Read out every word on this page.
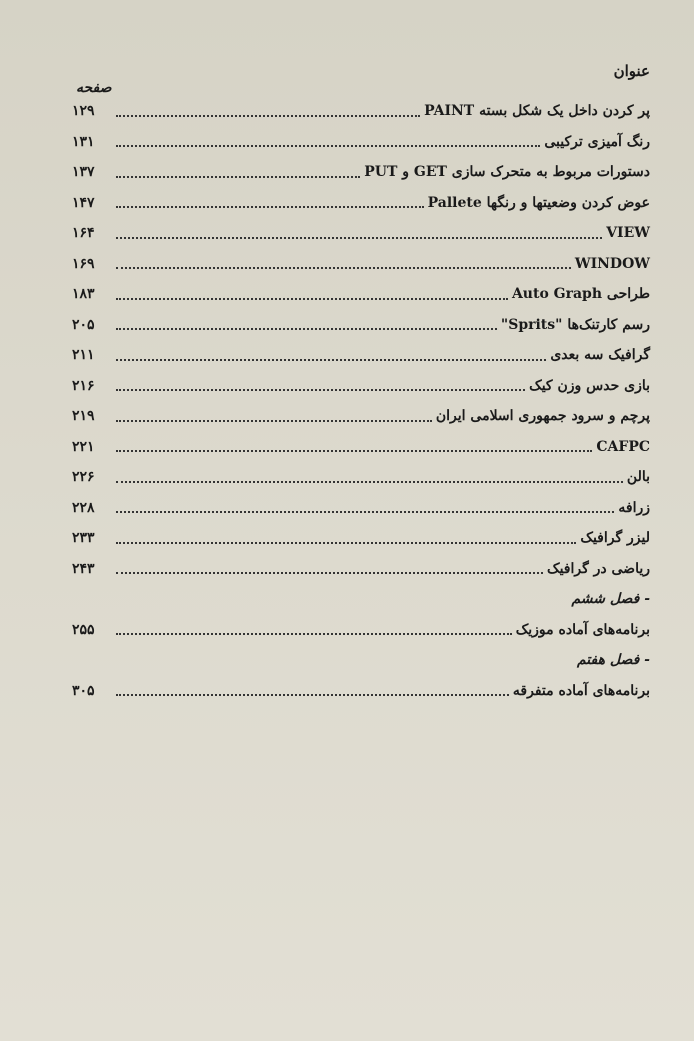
عنوان
صفحه
۱۲۹	پر کردن داخل یک شکل بسته PAINT
۱۳۱	رنگ آمیزی ترکیبی
۱۳۷	دستورات مربوط به متحرک سازی GET و PUT
۱۴۷	عوض کردن وضعیتها و رنگها Pallete
۱۶۴	VIEW
۱۶۹	WINDOW
۱۸۳	طراحی Auto Graph
۲۰۵	رسم کارتنک‌ها "Sprits"
۲۱۱	گرافیک سه بعدی
۲۱۶	بازی حدس وزن کیک
۲۱۹	پرچم و سرود جمهوری اسلامی ایران
۲۲۱	CAFPC
۲۲۶	بالن
۲۲۸	زرافه
۲۳۳	لیزر گرافیک
۲۴۳	ریاضی در گرافیک
- فصل ششم
۲۵۵	برنامه‌های آماده موزیک
- فصل هفتم
۳۰۵	برنامه‌های آماده متفرقه
